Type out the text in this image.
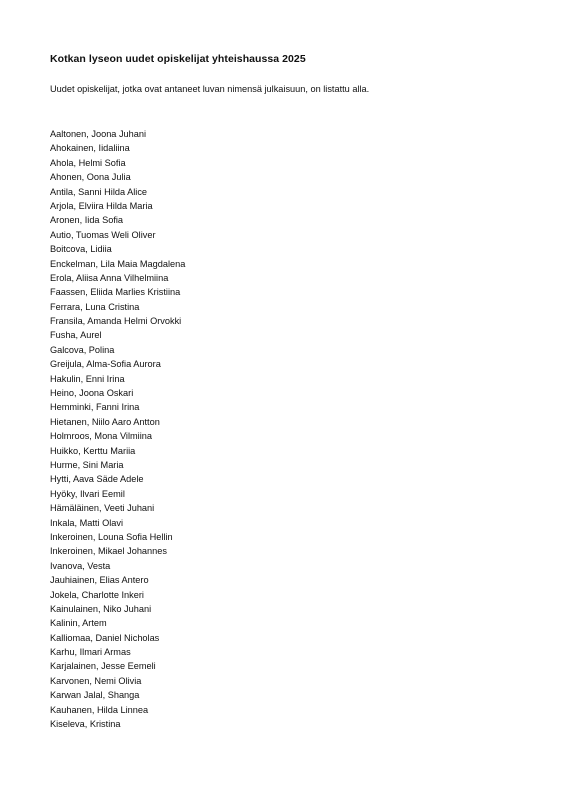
Kotkan lyseon uudet opiskelijat yhteishaussa 2025

Uudet opiskelijat, jotka ovat antaneet luvan nimensä julkaisuun, on listattu alla.

Aaltonen, Joona Juhani
Ahokainen, Iidaliina
Ahola, Helmi Sofia
Ahonen, Oona Julia
Antila, Sanni Hilda Alice
Arjola, Elviira Hilda Maria
Aronen, Iida Sofia
Autio, Tuomas Weli Oliver
Boitcova, Lidiia
Enckelman, Lila Maia Magdalena
Erola, Aliisa Anna Vilhelmiina
Faassen, Eliida Marlies Kristiina
Ferrara, Luna Cristina
Fransila, Amanda Helmi Orvokki
Fusha, Aurel
Galcova, Polina
Greijula, Alma-Sofia Aurora
Hakulin, Enni Irina
Heino, Joona Oskari
Hemminki, Fanni Irina
Hietanen, Niilo Aaro Antton
Holmroos, Mona Vilmiina
Huikko, Kerttu Mariia
Hurme, Sini Maria
Hytti, Aava Säde Adele
Hyöky, Ilvari Eemil
Hämäläinen, Veeti Juhani
Inkala, Matti Olavi
Inkeroinen, Louna Sofia Hellin
Inkeroinen, Mikael Johannes
Ivanova, Vesta
Jauhiainen, Elias Antero
Jokela, Charlotte Inkeri
Kainulainen, Niko Juhani
Kalinin, Artem
Kalliomaa, Daniel Nicholas
Karhu, Ilmari Armas
Karjalainen, Jesse Eemeli
Karvonen, Nemi Olivia
Karwan Jalal, Shanga
Kauhanen, Hilda Linnea
Kiseleva, Kristina
